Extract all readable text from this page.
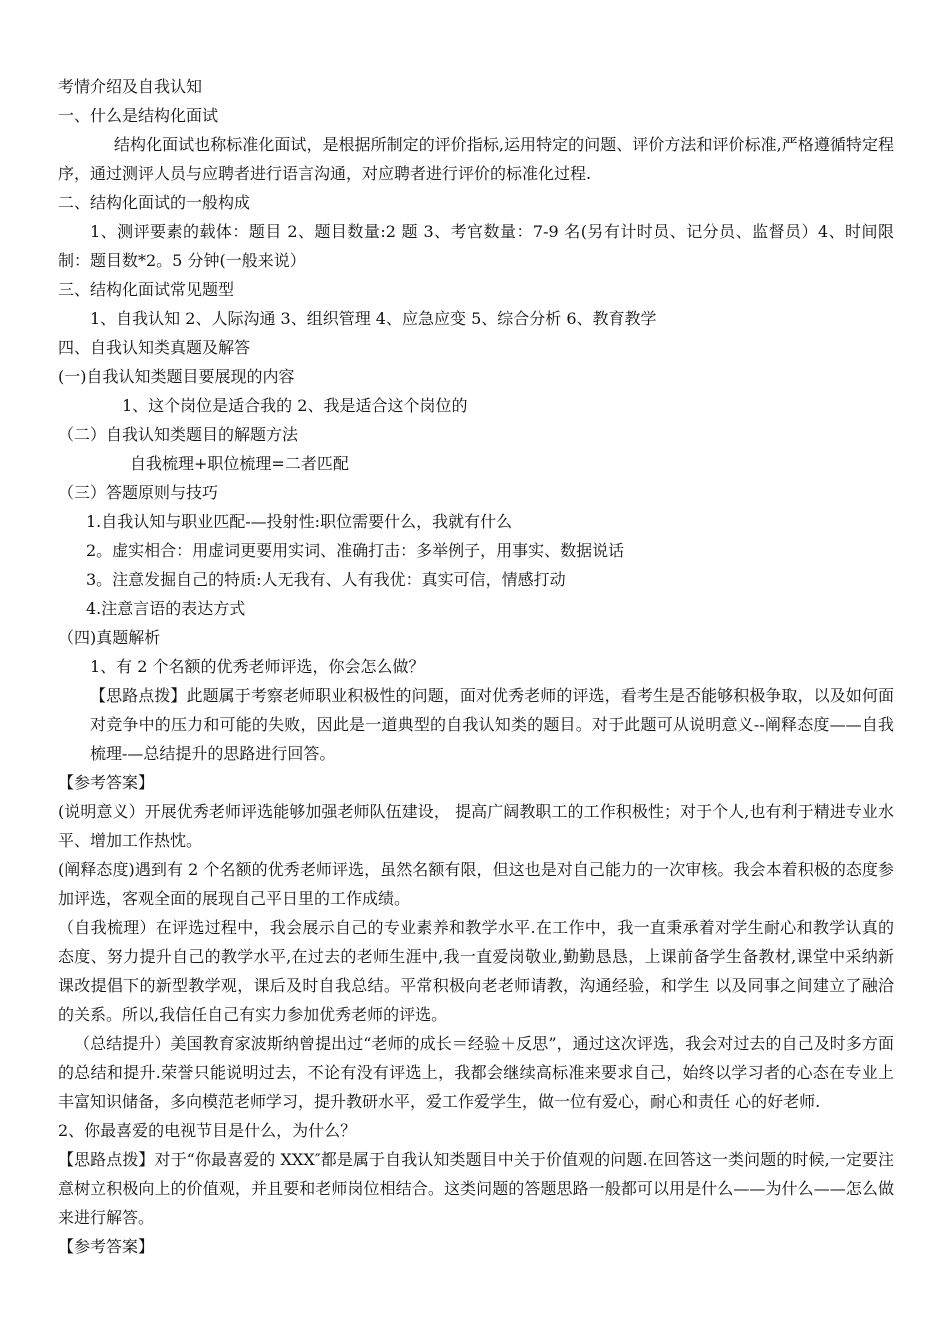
考情介绍及自我认知
一、什么是结构化面试
结构化面试也称标准化面试，是根据所制定的评价指标,运用特定的问题、评价方法和评价标准,严格遵循特定程序，通过测评人员与应聘者进行语言沟通，对应聘者进行评价的标准化过程.
二、结构化面试的一般构成
1、测评要素的载体：题目 2、题目数量:2 题 3、考官数量：7-9 名(另有计时员、记分员、监督员）4、时间限制：题目数*2。5 分钟(一般来说）
三、结构化面试常见题型
1、自我认知 2、人际沟通 3、组织管理 4、应急应变 5、综合分析 6、教育教学
四、自我认知类真题及解答
(一)自我认知类题目要展现的内容
1、这个岗位是适合我的 2、我是适合这个岗位的
（二）自我认知类题目的解题方法
自我梳理+职位梳理=二者匹配
（三）答题原则与技巧
1.自我认知与职业匹配-—投射性:职位需要什么，我就有什么
2。虚实相合：用虚词更要用实词、准确打击：多举例子，用事实、数据说话
3。注意发掘自己的特质:人无我有、人有我优：真实可信，情感打动
4.注意言语的表达方式
（四)真题解析
1、有 2 个名额的优秀老师评选，你会怎么做？
【思路点拨】此题属于考察老师职业积极性的问题，面对优秀老师的评选，看考生是否能够积极争取，以及如何面对竞争中的压力和可能的失败，因此是一道典型的自我认知类的题目。对于此题可从说明意义--阐释态度——自我梳理-—总结提升的思路进行回答。
【参考答案】
(说明意义）开展优秀老师评选能够加强老师队伍建设， 提高广阔教职工的工作积极性；对于个人,也有利于精进专业水平、增加工作热忱。
(阐释态度)遇到有 2 个名额的优秀老师评选，虽然名额有限，但这也是对自己能力的一次审核。我会本着积极的态度参加评选，客观全面的展现自己平日里的工作成绩。
（自我梳理）在评选过程中，我会展示自己的专业素养和教学水平.在工作中，我一直秉承着对学生耐心和教学认真的态度、努力提升自己的教学水平,在过去的老师生涯中,我一直爱岗敬业,勤勤恳恳，上课前备学生备教材,课堂中采纳新课改提倡下的新型教学观，课后及时自我总结。平常积极向老老师请教，沟通经验，和学生 以及同事之间建立了融洽的关系。所以,我信任自己有实力参加优秀老师的评选。
（总结提升）美国教育家波斯纳曾提出过“老师的成长＝经验＋反思”，通过这次评选，我会对过去的自己及时多方面的总结和提升.荣誉只能说明过去，不论有没有评选上，我都会继续高标准来要求自己，始终以学习者的心态在专业上丰富知识储备，多向模范老师学习，提升教研水平，爱工作爱学生，做一位有爱心，耐心和责任 心的好老师.
2、你最喜爱的电视节目是什么，为什么？
【思路点拨】对于“你最喜爱的 XXX″都是属于自我认知类题目中关于价值观的问题.在回答这一类问题的时候,一定要注意树立积极向上的价值观，并且要和老师岗位相结合。这类问题的答题思路一般都可以用是什么——为什么——怎么做来进行解答。
【参考答案】
